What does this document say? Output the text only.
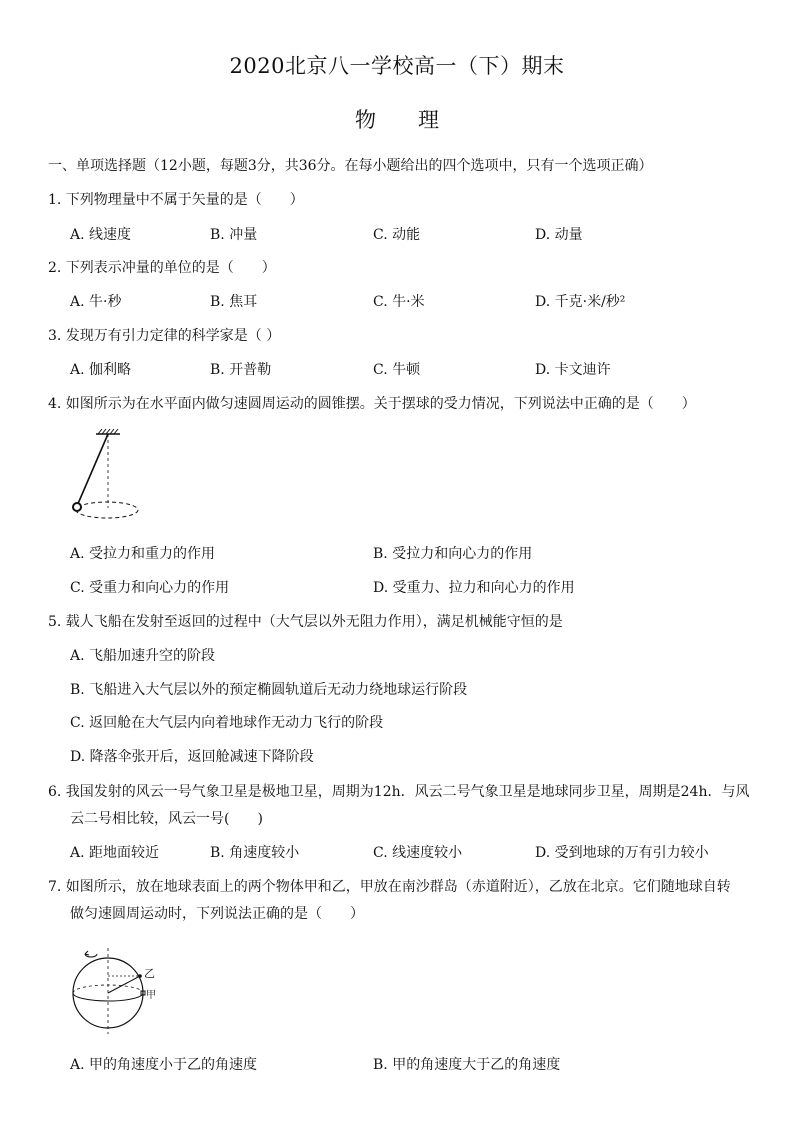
2020北京八一学校高一（下）期末
物　　理
一、单项选择题（12小题，每题3分，共36分。在每小题给出的四个选项中，只有一个选项正确）
1. 下列物理量中不属于矢量的是（　　）
A. 线速度	B. 冲量	C. 动能	D. 动量
2. 下列表示冲量的单位的是（　　）
A. 牛·秒	B. 焦耳	C. 牛·米	D. 千克·米/秒²
3. 发现万有引力定律的科学家是（ ）
A. 伽利略	B. 开普勒	C. 牛顿	D. 卡文迪许
4. 如图所示为在水平面内做匀速圆周运动的圆锥摆。关于摆球的受力情况，下列说法中正确的是（　　）
A. 受拉力和重力的作用	B. 受拉力和向心力的作用
C. 受重力和向心力的作用	D. 受重力、拉力和向心力的作用
5. 载人飞船在发射至返回的过程中（大气层以外无阻力作用），满足机械能守恒的是
A. 飞船加速升空的阶段
B. 飞船进入大气层以外的预定椭圆轨道后无动力绕地球运行阶段
C. 返回舱在大气层内向着地球作无动力飞行的阶段
D. 降落伞张开后，返回舱减速下降阶段
6. 我国发射的风云一号气象卫星是极地卫星，周期为12h．风云二号气象卫星是地球同步卫星，周期是24h．与风
云二号相比较，风云一号(　　)
A. 距地面较近	B. 角速度较小	C. 线速度较小	D. 受到地球的万有引力较小
7. 如图所示，放在地球表面上的两个物体甲和乙，甲放在南沙群岛（赤道附近），乙放在北京。它们随地球自转
做匀速圆周运动时，下列说法正确的是（　　）
乙
甲
A. 甲的角速度小于乙的角速度	B. 甲的角速度大于乙的角速度
